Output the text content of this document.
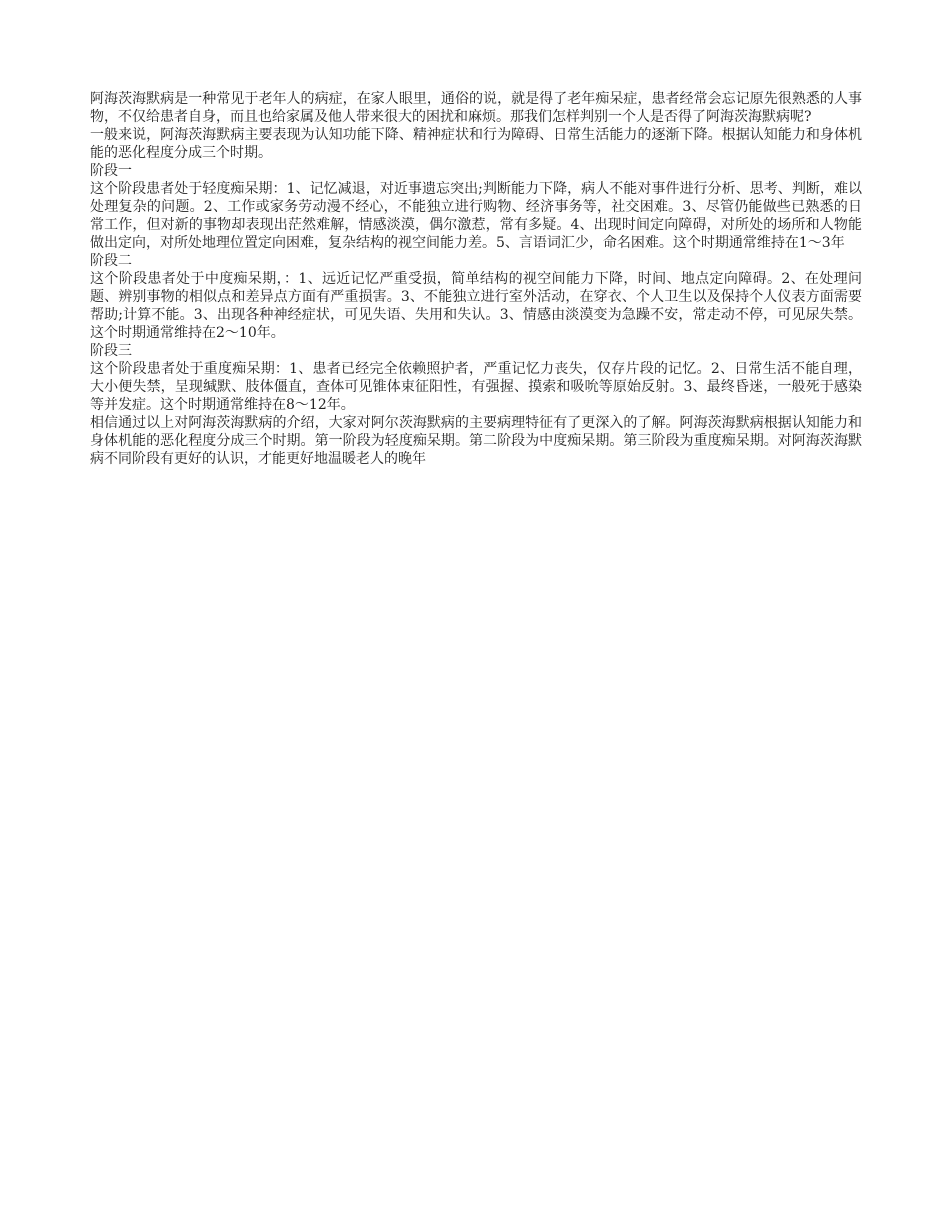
阿海茨海默病是一种常见于老年人的病症，在家人眼里，通俗的说，就是得了老年痴呆症，患者经常会忘记原先很熟悉的人事物，不仅给患者自身，而且也给家属及他人带来很大的困扰和麻烦。那我们怎样判别一个人是否得了阿海茨海默病呢?

一般来说，阿海茨海默病主要表现为认知功能下降、精神症状和行为障碍、日常生活能力的逐渐下降。根据认知能力和身体机能的恶化程度分成三个时期。

阶段一

这个阶段患者处于轻度痴呆期：1、记忆减退，对近事遗忘突出;判断能力下降，病人不能对事件进行分析、思考、判断，难以处理复杂的问题。2、工作或家务劳动漫不经心，不能独立进行购物、经济事务等，社交困难。3、尽管仍能做些已熟悉的日常工作，但对新的事物却表现出茫然难解，情感淡漠，偶尔激惹，常有多疑。4、出现时间定向障碍，对所处的场所和人物能做出定向，对所处地理位置定向困难，复杂结构的视空间能力差。5、言语词汇少，命名困难。这个时期通常维持在1～3年

阶段二

这个阶段患者处于中度痴呆期，：1、远近记忆严重受损，简单结构的视空间能力下降，时间、地点定向障碍。2、在处理问题、辨别事物的相似点和差异点方面有严重损害。3、不能独立进行室外活动，在穿衣、个人卫生以及保持个人仪表方面需要帮助;计算不能。3、出现各种神经症状，可见失语、失用和失认。3、情感由淡漠变为急躁不安，常走动不停，可见尿失禁。这个时期通常维持在2～10年。

阶段三

这个阶段患者处于重度痴呆期：1、患者已经完全依赖照护者，严重记忆力丧失，仅存片段的记忆。2、日常生活不能自理，大小便失禁，呈现缄默、肢体僵直，查体可见锥体束征阳性，有强握、摸索和吸吮等原始反射。3、最终昏迷，一般死于感染等并发症。这个时期通常维持在8～12年。

相信通过以上对阿海茨海默病的介绍，大家对阿尔茨海默病的主要病理特征有了更深入的了解。阿海茨海默病根据认知能力和身体机能的恶化程度分成三个时期。第一阶段为轻度痴呆期。第二阶段为中度痴呆期。第三阶段为重度痴呆期。对阿海茨海默病不同阶段有更好的认识，才能更好地温暖老人的晚年
